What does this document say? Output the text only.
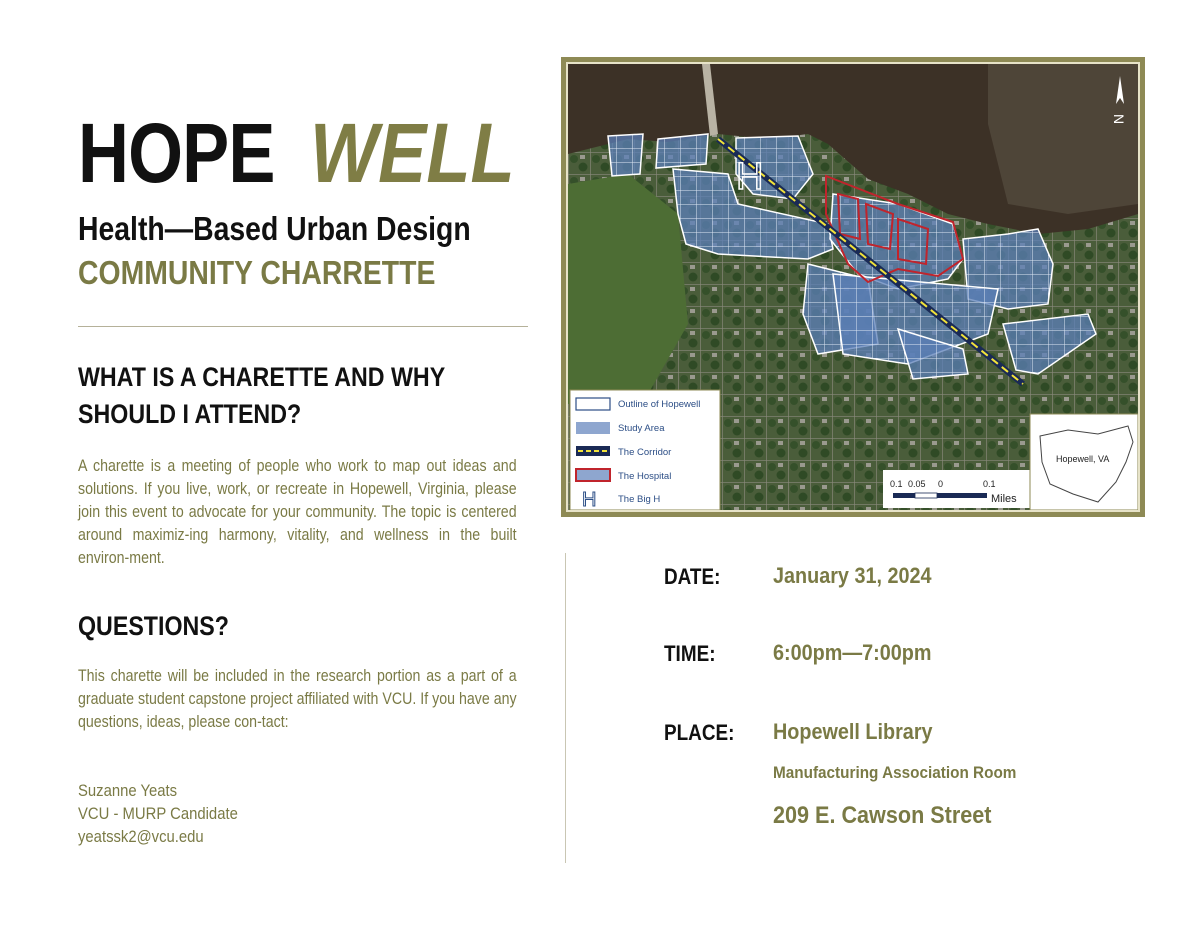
HOPE WELL
Health—Based Urban Design
COMMUNITY CHARRETTE
WHAT IS A CHARETTE AND WHY
SHOULD I ATTEND?
A charette is a meeting of people who work to map out ideas and solutions. If you live, work, or recreate in Hopewell, Virginia, please join this event to advocate for your community. The topic is centered around maximiz-ing harmony, vitality, and wellness in the built environ-ment.
QUESTIONS?
This charette will be included in the research portion as a part of a graduate student capstone project affiliated with VCU. If you have any questions, ideas, please con-tact:
Suzanne Yeats
VCU - MURP Candidate
yeatssk2@vcu.edu
DATE: January 31, 2024
TIME:	6:00pm—7:00pm
PLACE: Hopewell Library
Manufacturing Association Room
209 E. Cawson Street
H
N
Outline of Hopewell
Study Area
The Corridor
The Hospital
H The Big H
0.1 0.05 0	0.1
Miles
Hopewell, VA
